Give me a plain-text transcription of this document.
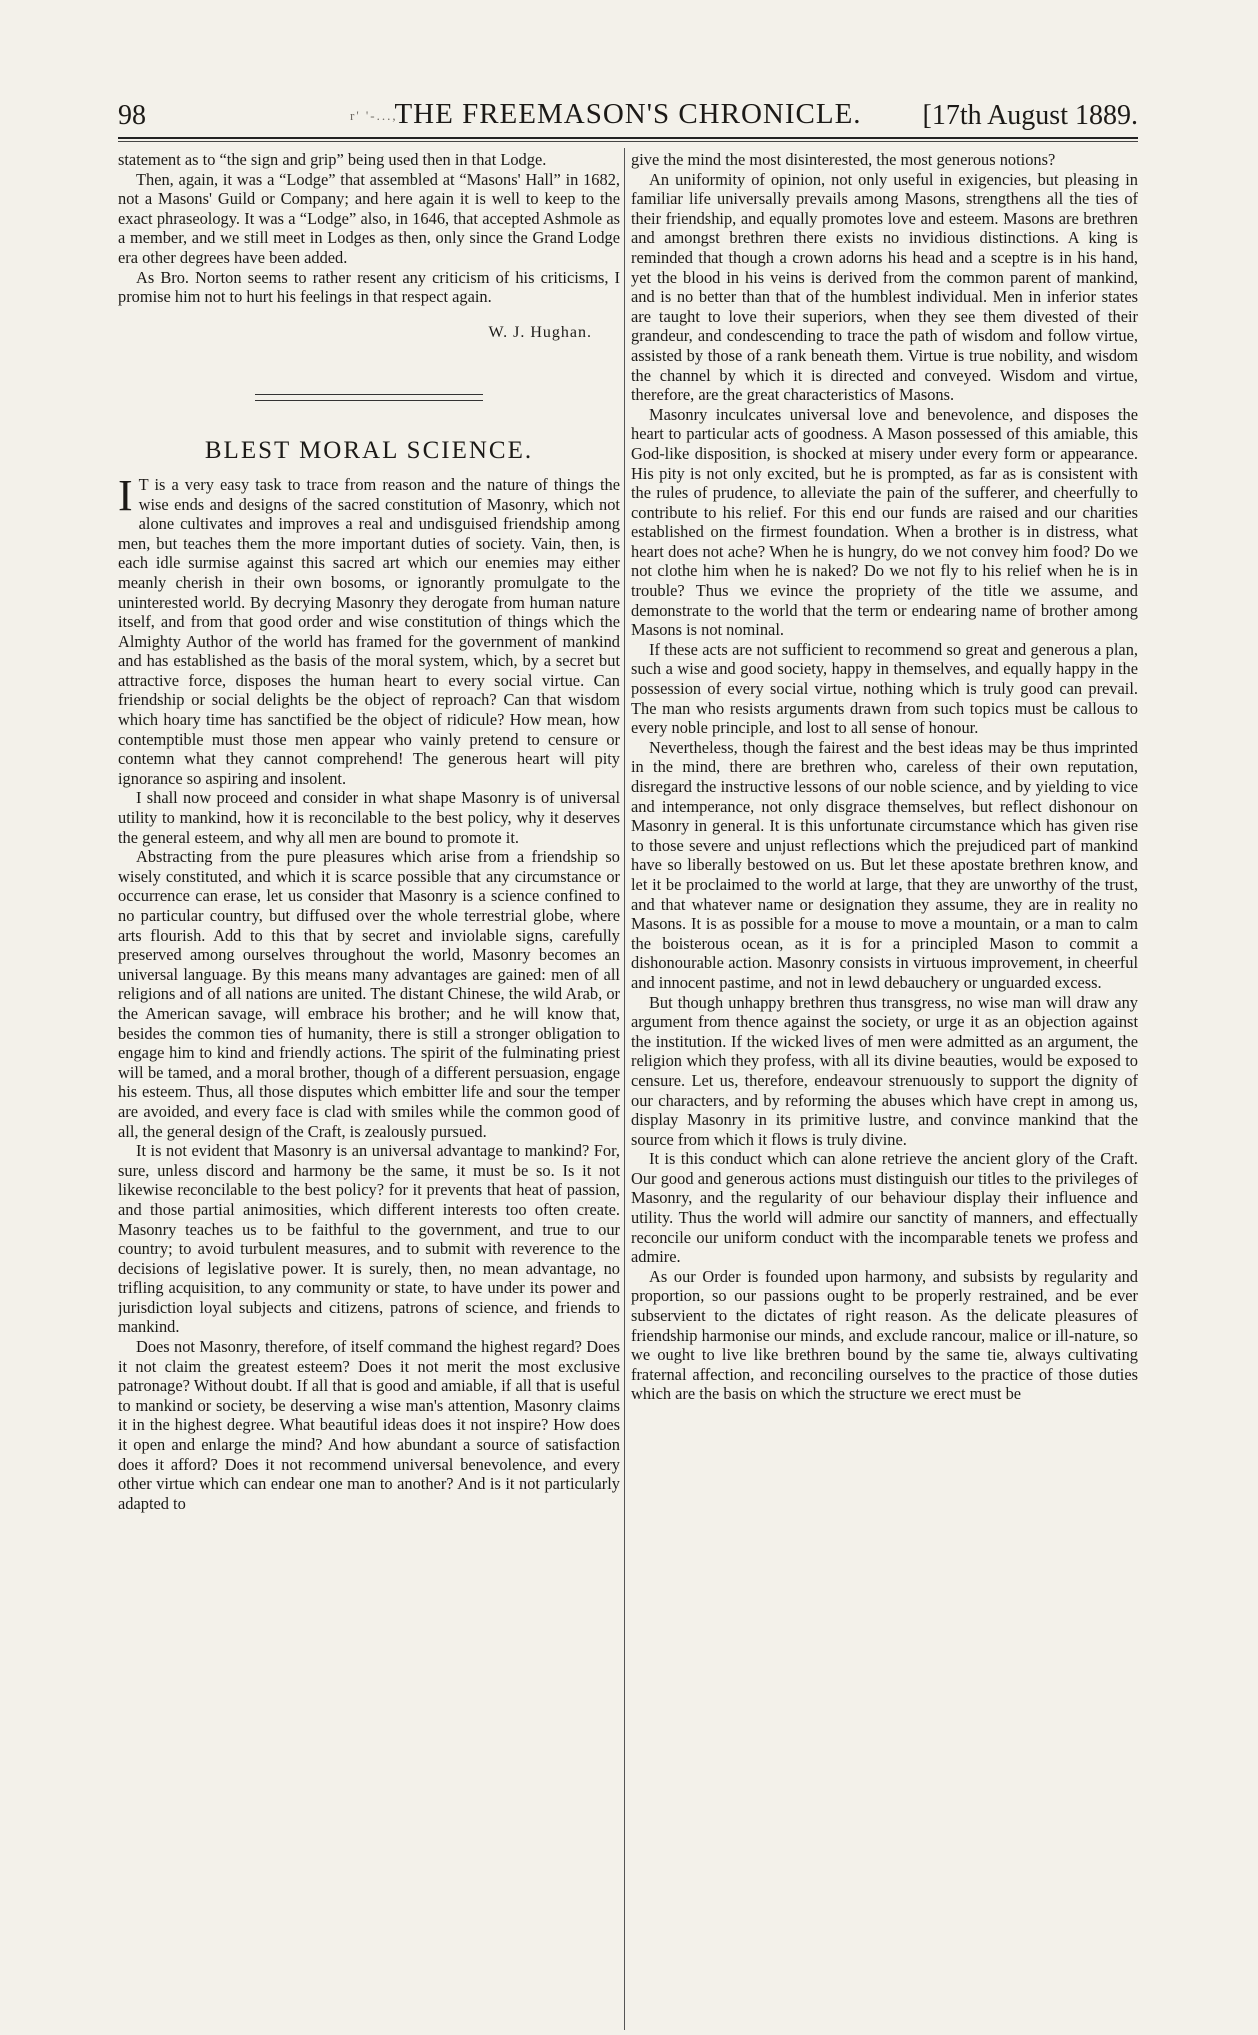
98	r' '-...,
THE FREEMASON'S CHRONICLE.	[17th August 1889.

statement as to “the sign and grip” being used then in that Lodge.

Then, again, it was a “Lodge” that assembled at “Masons' Hall” in 1682, not a Masons' Guild or Company; and here again it is well to keep to the exact phraseology. It was a “Lodge” also, in 1646, that accepted Ashmole as a member, and we still meet in Lodges as then, only since the Grand Lodge era other degrees have been added.

As Bro. Norton seems to rather resent any criticism of his criticisms, I promise him not to hurt his feelings in that respect again.

W. J. Hughan.
BLEST MORAL SCIENCE.

I T is a very easy task to trace from reason and the nature of things the wise ends and designs of the sacred constitution of Masonry, which not alone cultivates and improves a real and undisguised friendship among men, but teaches them the more important duties of society. Vain, then, is each idle surmise against this sacred art which our enemies may either meanly cherish in their own bosoms, or ignorantly promulgate to the uninterested world. By decrying Masonry they derogate from human nature itself, and from that good order and wise constitution of things which the Almighty Author of the world has framed for the government of mankind and has established as the basis of the moral system, which, by a secret but attractive force, disposes the human heart to every social virtue. Can friendship or social delights be the object of reproach? Can that wisdom which hoary time has sanctified be the object of ridicule? How mean, how contemptible must those men appear who vainly pretend to censure or contemn what they cannot comprehend! The generous heart will pity ignorance so aspiring and insolent.

I shall now proceed and consider in what shape Masonry is of universal utility to mankind, how it is reconcilable to the best policy, why it deserves the general esteem, and why all men are bound to promote it.

Abstracting from the pure pleasures which arise from a friendship so wisely constituted, and which it is scarce possible that any circumstance or occurrence can erase, let us consider that Masonry is a science confined to no particular country, but diffused over the whole terrestrial globe, where arts flourish. Add to this that by secret and inviolable signs, carefully preserved among ourselves throughout the world, Masonry becomes an universal language. By this means many advantages are gained: men of all religions and of all nations are united. The distant Chinese, the wild Arab, or the American savage, will embrace his brother; and he will know that, besides the common ties of humanity, there is still a stronger obligation to engage him to kind and friendly actions. The spirit of the fulminating priest will be tamed, and a moral brother, though of a different persuasion, engage his esteem. Thus, all those disputes which embitter life and sour the temper are avoided, and every face is clad with smiles while the common good of all, the general design of the Craft, is zealously pursued.

It is not evident that Masonry is an universal advantage to mankind? For, sure, unless discord and harmony be the same, it must be so. Is it not likewise reconcilable to the best policy? for it prevents that heat of passion, and those partial animosities, which different interests too often create. Masonry teaches us to be faithful to the government, and true to our country; to avoid turbulent measures, and to submit with reverence to the decisions of legislative power. It is surely, then, no mean advantage, no trifling acquisition, to any community or state, to have under its power and jurisdiction loyal subjects and citizens, patrons of science, and friends to mankind.

Does not Masonry, therefore, of itself command the highest regard? Does it not claim the greatest esteem? Does it not merit the most exclusive patronage? Without doubt. If all that is good and amiable, if all that is useful to mankind or society, be deserving a wise man's attention, Masonry claims it in the highest degree. What beautiful ideas does it not inspire? How does it open and enlarge the mind? And how abundant a source of satisfaction does it afford? Does it not recommend universal benevolence, and every other virtue which can endear one man to another? And is it not particularly adapted to

give the mind the most disinterested, the most generous notions?

An uniformity of opinion, not only useful in exigencies, but pleasing in familiar life universally prevails among Masons, strengthens all the ties of their friendship, and equally promotes love and esteem. Masons are brethren and amongst brethren there exists no invidious distinctions. A king is reminded that though a crown adorns his head and a sceptre is in his hand, yet the blood in his veins is derived from the common parent of mankind, and is no better than that of the humblest individual. Men in inferior states are taught to love their superiors, when they see them divested of their grandeur, and condescending to trace the path of wisdom and follow virtue, assisted by those of a rank beneath them. Virtue is true nobility, and wisdom the channel by which it is directed and conveyed. Wisdom and virtue, therefore, are the great characteristics of Masons.

Masonry inculcates universal love and benevolence, and disposes the heart to particular acts of goodness. A Mason possessed of this amiable, this God-like disposition, is shocked at misery under every form or appearance. His pity is not only excited, but he is prompted, as far as is consistent with the rules of prudence, to alleviate the pain of the sufferer, and cheerfully to contribute to his relief. For this end our funds are raised and our charities established on the firmest foundation. When a brother is in distress, what heart does not ache? When he is hungry, do we not convey him food? Do we not clothe him when he is naked? Do we not fly to his relief when he is in trouble? Thus we evince the propriety of the title we assume, and demonstrate to the world that the term or endearing name of brother among Masons is not nominal.

If these acts are not sufficient to recommend so great and generous a plan, such a wise and good society, happy in themselves, and equally happy in the possession of every social virtue, nothing which is truly good can prevail. The man who resists arguments drawn from such topics must be callous to every noble principle, and lost to all sense of honour.

Nevertheless, though the fairest and the best ideas may be thus imprinted in the mind, there are brethren who, careless of their own reputation, disregard the instructive lessons of our noble science, and by yielding to vice and intemperance, not only disgrace themselves, but reflect dishonour on Masonry in general. It is this unfortunate circumstance which has given rise to those severe and unjust reflections which the prejudiced part of mankind have so liberally bestowed on us. But let these apostate brethren know, and let it be proclaimed to the world at large, that they are unworthy of the trust, and that whatever name or designation they assume, they are in reality no Masons. It is as possible for a mouse to move a mountain, or a man to calm the boisterous ocean, as it is for a principled Mason to commit a dishonourable action. Masonry consists in virtuous improvement, in cheerful and innocent pastime, and not in lewd debauchery or unguarded excess.

But though unhappy brethren thus transgress, no wise man will draw any argument from thence against the society, or urge it as an objection against the institution. If the wicked lives of men were admitted as an argument, the religion which they profess, with all its divine beauties, would be exposed to censure. Let us, therefore, endeavour strenuously to support the dignity of our characters, and by reforming the abuses which have crept in among us, display Masonry in its primitive lustre, and convince mankind that the source from which it flows is truly divine.

It is this conduct which can alone retrieve the ancient glory of the Craft. Our good and generous actions must distinguish our titles to the privileges of Masonry, and the regularity of our behaviour display their influence and utility. Thus the world will admire our sanctity of manners, and effectually reconcile our uniform conduct with the incomparable tenets we profess and admire.

As our Order is founded upon harmony, and subsists by regularity and proportion, so our passions ought to be properly restrained, and be ever subservient to the dictates of right reason. As the delicate pleasures of friendship harmonise our minds, and exclude rancour, malice or ill-nature, so we ought to live like brethren bound by the same tie, always cultivating fraternal affection, and reconciling ourselves to the practice of those duties which are the basis on which the structure we erect must be
